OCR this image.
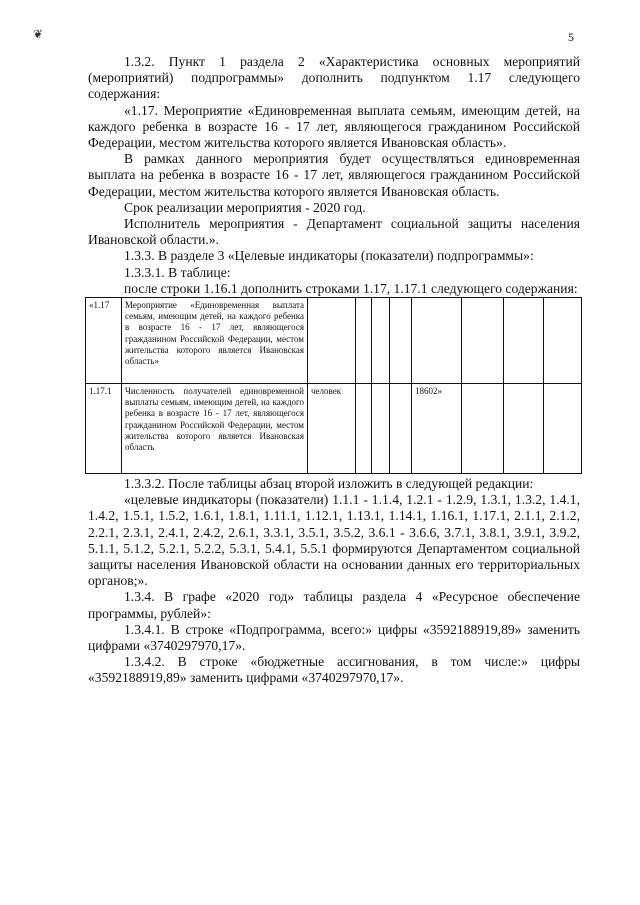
❦	5

1.3.2. Пункт 1 раздела 2 «Характеристика основных мероприятий (мероприятий) подпрограммы» дополнить подпунктом 1.17 следующего содержания:

«1.17. Мероприятие «Единовременная выплата семьям, имеющим детей, на каждого ребенка в возрасте 16 - 17 лет, являющегося гражданином Российской Федерации, местом жительства которого является Ивановская область».

В рамках данного мероприятия будет осуществляться единовременная выплата на ребенка в возрасте 16 - 17 лет, являющегося гражданином Российской Федерации, местом жительства которого является Ивановская область.

Срок реализации мероприятия - 2020 год.

Исполнитель мероприятия - Департамент социальной защиты населения Ивановской области.».

1.3.3. В разделе 3 «Целевые индикаторы (показатели) подпрограммы»:

1.3.3.1. В таблице:

после строки 1.16.1 дополнить строками 1.17, 1.17.1 следующего содержания:

«1.17	Мероприятие «Единовременная выплата семьям, имеющим детей, на каждого ребенка в возрасте 16 - 17 лет, являющегося гражданином Российской Федерации, местом жительства которого является Ивановская область»								
1.17.1	Численность получателей единовременной выплаты семьям, имеющим детей, на каждого ребенка в возрасте 16 - 17 лет, являющегося гражданином Российской Федерации, местом жительства которого является Ивановская область	человек				18602»			

1.3.3.2. После таблицы абзац второй изложить в следующей редакции:

«целевые индикаторы (показатели) 1.1.1 - 1.1.4, 1.2.1 - 1.2.9, 1.3.1, 1.3.2, 1.4.1, 1.4.2, 1.5.1, 1.5.2, 1.6.1, 1.8.1, 1.11.1, 1.12.1, 1.13.1, 1.14.1, 1.16.1, 1.17.1, 2.1.1, 2.1.2, 2.2.1, 2.3.1, 2.4.1, 2.4.2, 2.6.1, 3.3.1, 3.5.1, 3.5.2, 3.6.1 - 3.6.6, 3.7.1, 3.8.1, 3.9.1, 3.9.2, 5.1.1, 5.1.2, 5.2.1, 5.2.2, 5.3.1, 5.4.1, 5.5.1 формируются Департаментом социальной защиты населения Ивановской области на основании данных его территориальных органов;».

1.3.4. В графе «2020 год» таблицы раздела 4 «Ресурсное обеспечение программы, рублей»:

1.3.4.1. В строке «Подпрограмма, всего:» цифры «3592188919,89» заменить цифрами «3740297970,17».

1.3.4.2. В строке «бюджетные ассигнования, в том числе:» цифры «3592188919,89» заменить цифрами «3740297970,17».
